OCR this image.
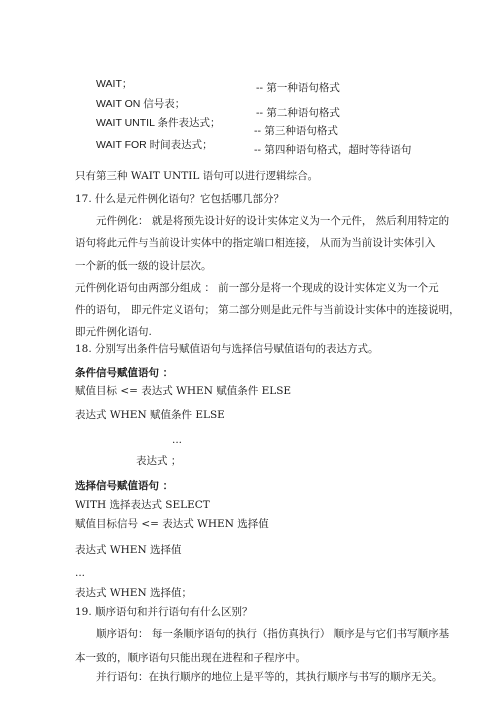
WAIT；	-- 第一种语句格式
WAIT ON 信号表；
-- 第二种语句格式
WAIT UNTIL 条件表达式；
-- 第三种语句格式
WAIT FOR 时间表达式；	-- 第四种语句格式，超时等待语句
只有第三种 WAIT UNTIL 语句可以进行逻辑综合。
17. 什么是元件例化语句？它包括哪几部分？
元件例化： 就是将预先设计好的设计实体定义为一个元件， 然后利用特定的
语句将此元件与当前设计实体中的指定端口相连接， 从而为当前设计实体引入
一个新的低一级的设计层次。
元件例化语句由两部分组成 ： 前一部分是将一个现成的设计实体定义为一个元
件的语句， 即元件定义语句； 第二部分则是此元件与当前设计实体中的连接说明，
即元件例化语句.
18. 分别写出条件信号赋值语句与选择信号赋值语句的表达方式。
条件信号赋值语句 ：
赋值目标 <= 表达式 WHEN 赋值条件 ELSE
表达式 WHEN 赋值条件 ELSE
...
表达式 ；
选择信号赋值语句 ：
WITH 选择表达式 SELECT
赋值目标信号 <= 表达式 WHEN 选择值
表达式 WHEN 选择值
...
表达式 WHEN 选择值；
19. 顺序语句和并行语句有什么区别？
顺序语句： 每一条顺序语句的执行（指仿真执行） 顺序是与它们书写顺序基
本一致的，顺序语句只能出现在进程和子程序中。
并行语句：在执行顺序的地位上是平等的，其执行顺序与书写的顺序无关。
